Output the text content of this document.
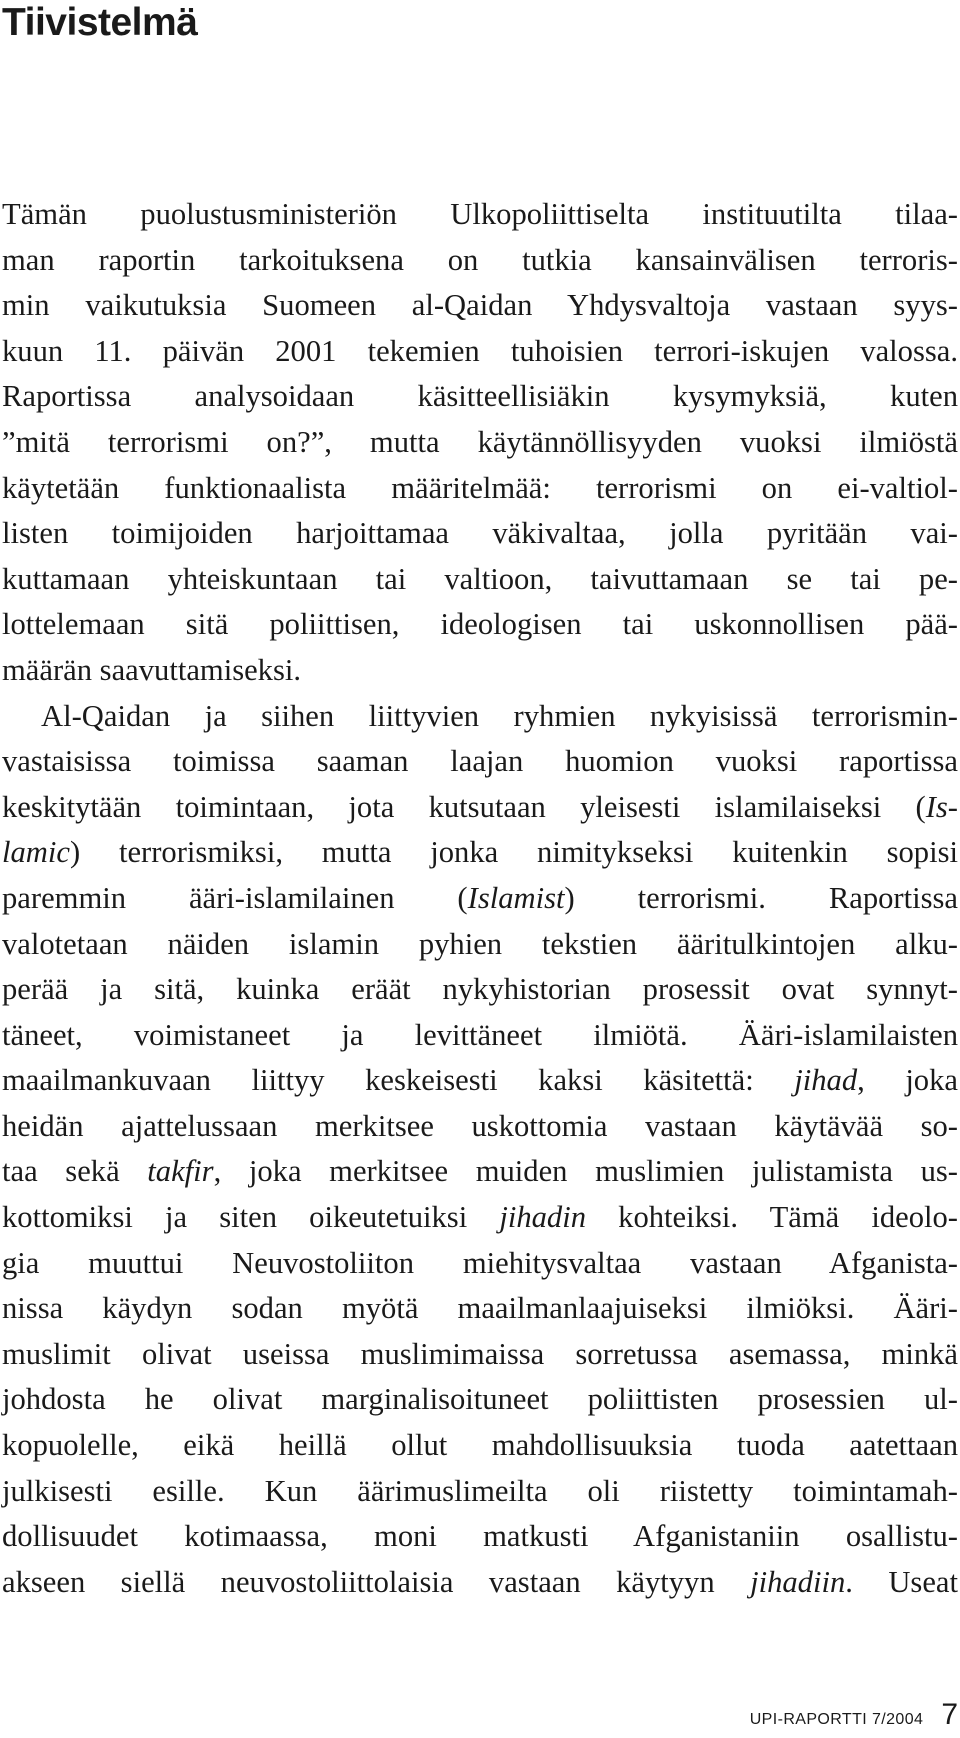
Tiivistelmä

Tämän puolustusministeriön Ulkopoliittiselta instituutilta tilaa-
man raportin tarkoituksena on tutkia kansainvälisen terroris-
min vaikutuksia Suomeen al-Qaidan Yhdysvaltoja vastaan syys-
kuun 11. päivän 2001 tekemien tuhoisien terrori-iskujen valossa.
Raportissa analysoidaan käsitteellisiäkin kysymyksiä, kuten
”mitä terrorismi on?”, mutta käytännöllisyyden vuoksi ilmiöstä
käytetään funktionaalista määritelmää: terrorismi on ei-valtiol-
listen toimijoiden harjoittamaa väkivaltaa, jolla pyritään vai-
kuttamaan yhteiskuntaan tai valtioon, taivuttamaan se tai pe-
lottelemaan sitä poliittisen, ideologisen tai uskonnollisen pää-
määrän saavuttamiseksi.

Al-Qaidan ja siihen liittyvien ryhmien nykyisissä terrorismin-
vastaisissa toimissa saaman laajan huomion vuoksi raportissa
keskitytään toimintaan, jota kutsutaan yleisesti islamilaiseksi (Is-
lamic) terrorismiksi, mutta jonka nimitykseksi kuitenkin sopisi
paremmin ääri-islamilainen (Islamist) terrorismi. Raportissa
valotetaan näiden islamin pyhien tekstien ääritulkintojen alku-
perää ja sitä, kuinka eräät nykyhistorian prosessit ovat synnyt-
täneet, voimistaneet ja levittäneet ilmiötä. Ääri-islamilaisten
maailmankuvaan liittyy keskeisesti kaksi käsitettä: jihad, joka
heidän ajattelussaan merkitsee uskottomia vastaan käytävää so-
taa sekä takfir, joka merkitsee muiden muslimien julistamista us-
kottomiksi ja siten oikeutetuiksi jihadin kohteiksi. Tämä ideolo-
gia muuttui Neuvostoliiton miehitysvaltaa vastaan Afganista-
nissa käydyn sodan myötä maailmanlaajuiseksi ilmiöksi. Ääri-
muslimit olivat useissa muslimimaissa sorretussa asemassa, minkä
johdosta he olivat marginalisoituneet poliittisten prosessien ul-
kopuolelle, eikä heillä ollut mahdollisuuksia tuoda aatettaan
julkisesti esille. Kun äärimuslimeilta oli riistetty toimintamah-
dollisuudet kotimaassa, moni matkusti Afganistaniin osallistu-
akseen siellä neuvostoliittolaisia vastaan käytyyn jihadiin. Useat

UPI-RAPORTTI 7/2004 7
